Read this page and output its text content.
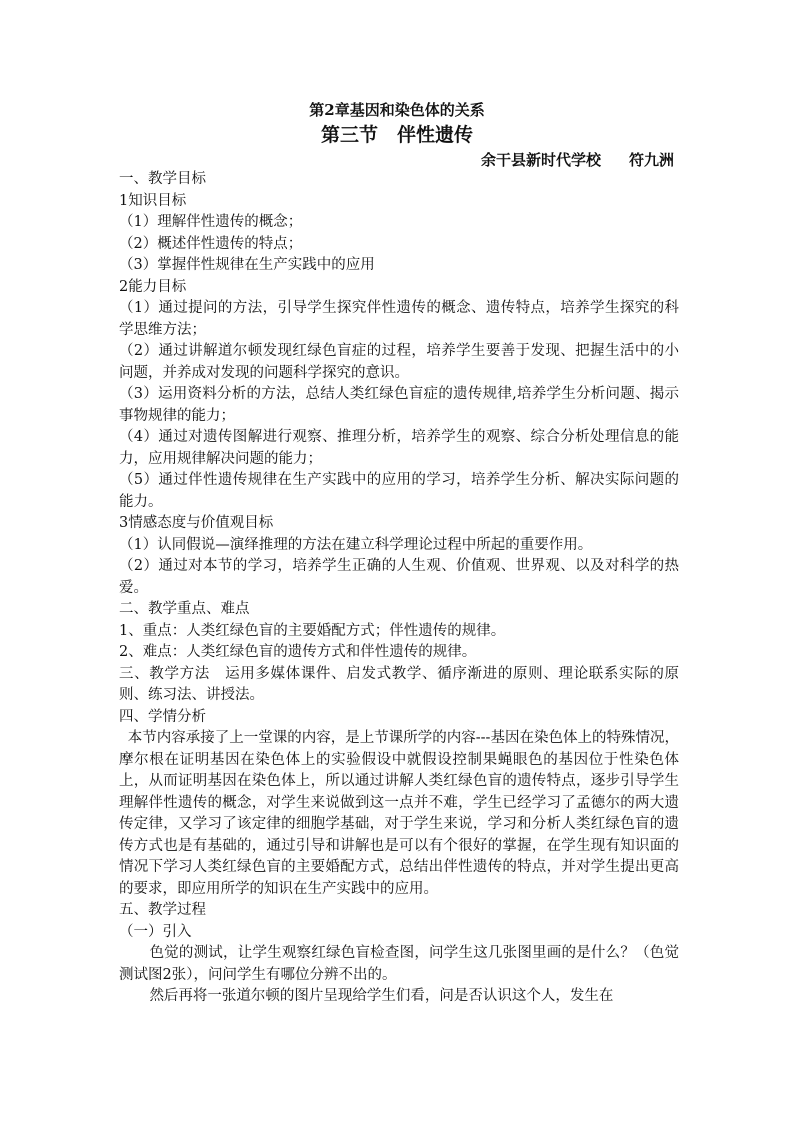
第2章基因和染色体的关系
第三节　伴性遗传
余干县新时代学校 符九洲

一、教学目标

1知识目标

（1）理解伴性遗传的概念；

（2）概述伴性遗传的特点；

（3）掌握伴性规律在生产实践中的应用

2能力目标

（1）通过提问的方法，引导学生探究伴性遗传的概念、遗传特点，培养学生探究的科学思维方法；

（2）通过讲解道尔顿发现红绿色盲症的过程，培养学生要善于发现、把握生活中的小问题，并养成对发现的问题科学探究的意识。

（3）运用资料分析的方法，总结人类红绿色盲症的遗传规律,培养学生分析问题、揭示事物规律的能力；

（4）通过对遗传图解进行观察、推理分析，培养学生的观察、综合分析处理信息的能力，应用规律解决问题的能力；

（5）通过伴性遗传规律在生产实践中的应用的学习，培养学生分析、解决实际问题的能力。

3情感态度与价值观目标

（1）认同假说—演绎推理的方法在建立科学理论过程中所起的重要作用。

（2）通过对本节的学习，培养学生正确的人生观、价值观、世界观、以及对科学的热爱。

二、教学重点、难点

1、重点：人类红绿色盲的主要婚配方式；伴性遗传的规律。

2、难点：人类红绿色盲的遗传方式和伴性遗传的规律。

三、教学方法　运用多媒体课件、启发式教学、循序渐进的原则、理论联系实际的原则、练习法、讲授法。

四、学情分析

本节内容承接了上一堂课的内容，是上节课所学的内容---基因在染色体上的特殊情况，摩尔根在证明基因在染色体上的实验假设中就假设控制果蝇眼色的基因位于性染色体上，从而证明基因在染色体上，所以通过讲解人类红绿色盲的遗传特点，逐步引导学生理解伴性遗传的概念，对学生来说做到这一点并不难，学生已经学习了孟德尔的两大遗传定律，又学习了该定律的细胞学基础，对于学生来说，学习和分析人类红绿色盲的遗传方式也是有基础的，通过引导和讲解也是可以有个很好的掌握，在学生现有知识面的情况下学习人类红绿色盲的主要婚配方式，总结出伴性遗传的特点，并对学生提出更高的要求，即应用所学的知识在生产实践中的应用。

五、教学过程

（一）引入

色觉的测试，让学生观察红绿色盲检查图，问学生这几张图里画的是什么？（色觉测试图2张），问问学生有哪位分辨不出的。

然后再将一张道尔顿的图片呈现给学生们看，问是否认识这个人，发生在
